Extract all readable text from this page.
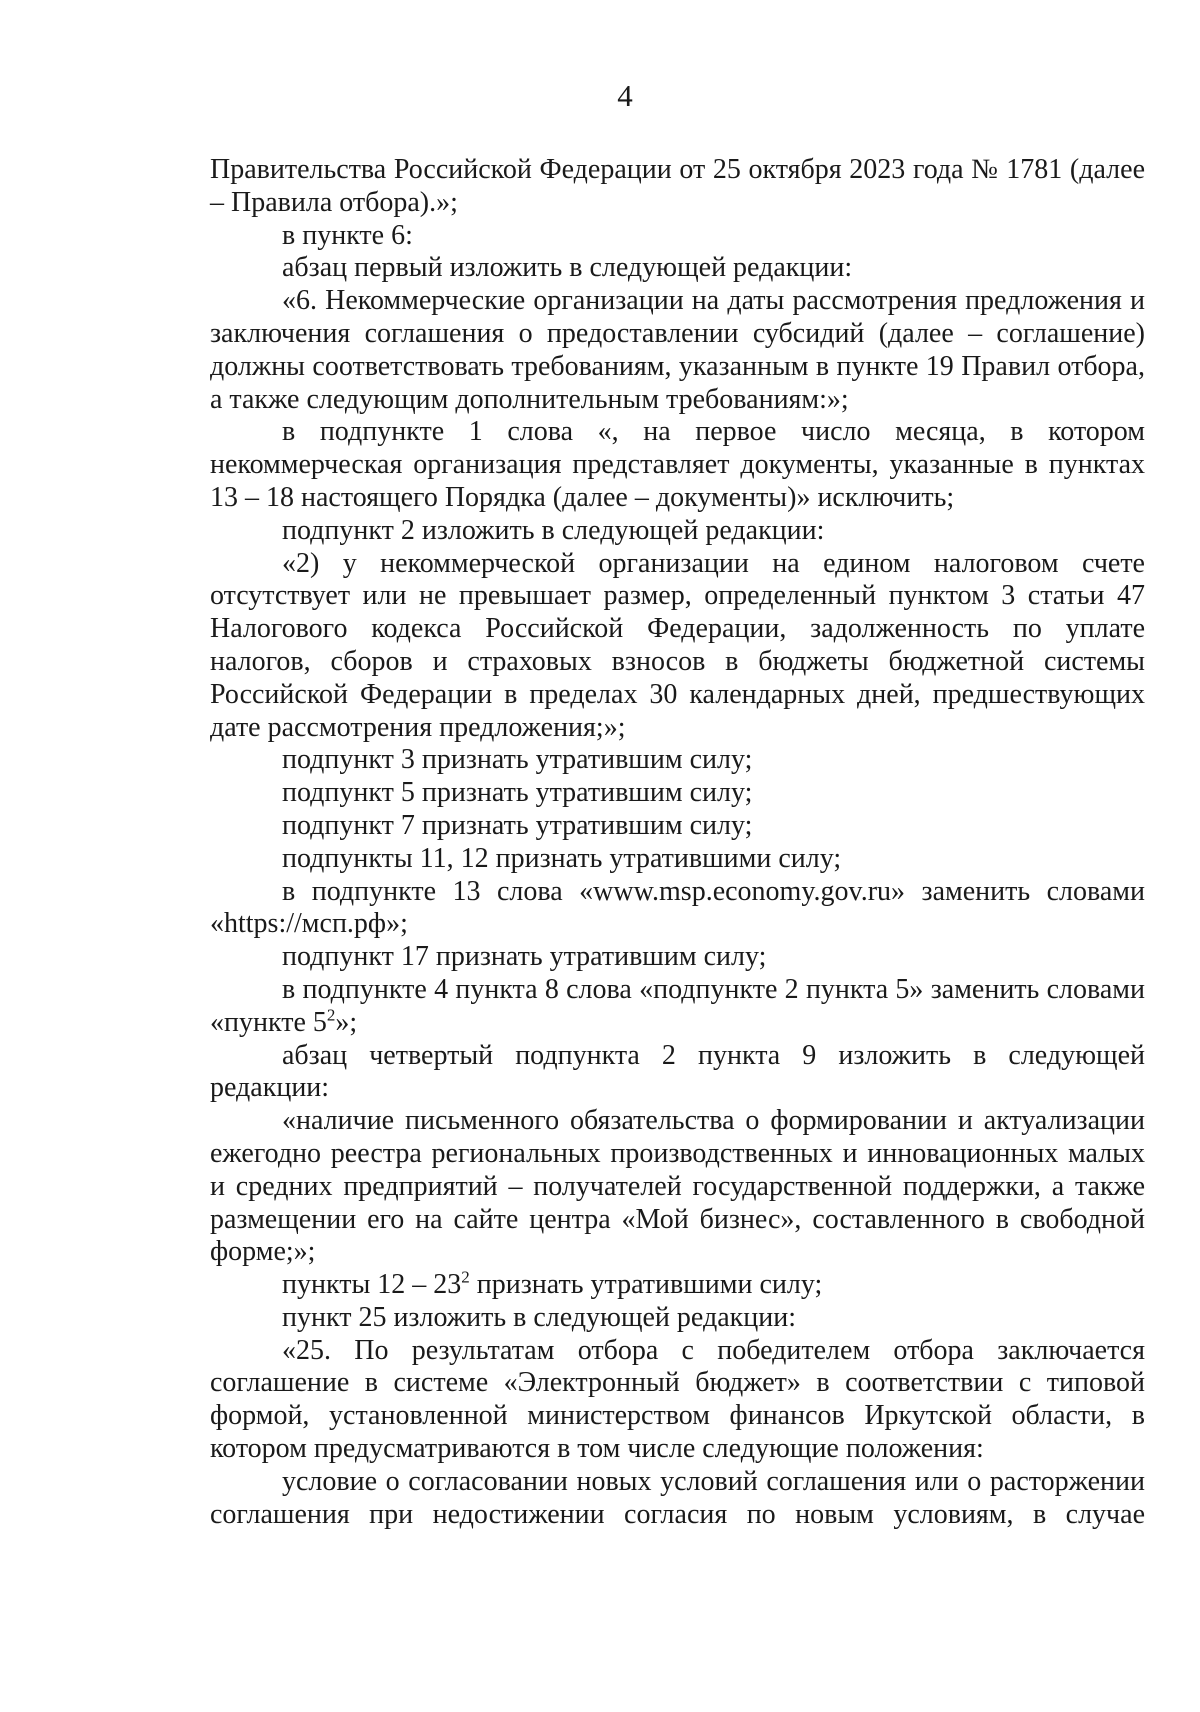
4

Правительства Российской Федерации от 25 октября 2023 года № 1781 (далее – Правила отбора).»;

в пункте 6:

абзац первый изложить в следующей редакции:

«6. Некоммерческие организации на даты рассмотрения предложения и заключения соглашения о предоставлении субсидий (далее – соглашение) должны соответствовать требованиям, указанным в пункте 19 Правил отбора, а также следующим дополнительным требованиям:»;

в подпункте 1 слова «, на первое число месяца, в котором некоммерческая организация представляет документы, указанные в пунктах 13 – 18 настоящего Порядка (далее – документы)» исключить;

подпункт 2 изложить в следующей редакции:

«2) у некоммерческой организации на едином налоговом счете отсутствует или не превышает размер, определенный пунктом 3 статьи 47 Налогового кодекса Российской Федерации, задолженность по уплате налогов, сборов и страховых взносов в бюджеты бюджетной системы Российской Федерации в пределах 30 календарных дней, предшествующих дате рассмотрения предложения;»;

подпункт 3 признать утратившим силу;

подпункт 5 признать утратившим силу;

подпункт 7 признать утратившим силу;

подпункты 11, 12 признать утратившими силу;

в подпункте 13 слова «www.msp.economy.gov.ru» заменить словами «https://мсп.рф»;

подпункт 17 признать утратившим силу;

в подпункте 4 пункта 8 слова «подпункте 2 пункта 5» заменить словами «пункте $5^2$»;

абзац четвертый подпункта 2 пункта 9 изложить в следующей редакции:

«наличие письменного обязательства о формировании и актуализации ежегодно реестра региональных производственных и инновационных малых и средних предприятий – получателей государственной поддержки, а также размещении его на сайте центра «Мой бизнес», составленного в свободной форме;»;

пункты $12 - 23^2$ признать утратившими силу;

пункт 25 изложить в следующей редакции:

«25. По результатам отбора с победителем отбора заключается соглашение в системе «Электронный бюджет» в соответствии с типовой формой, установленной министерством финансов Иркутской области, в котором предусматриваются в том числе следующие положения:

условие о согласовании новых условий соглашения или о расторжении соглашения при недостижении согласия по новым условиям, в случае
